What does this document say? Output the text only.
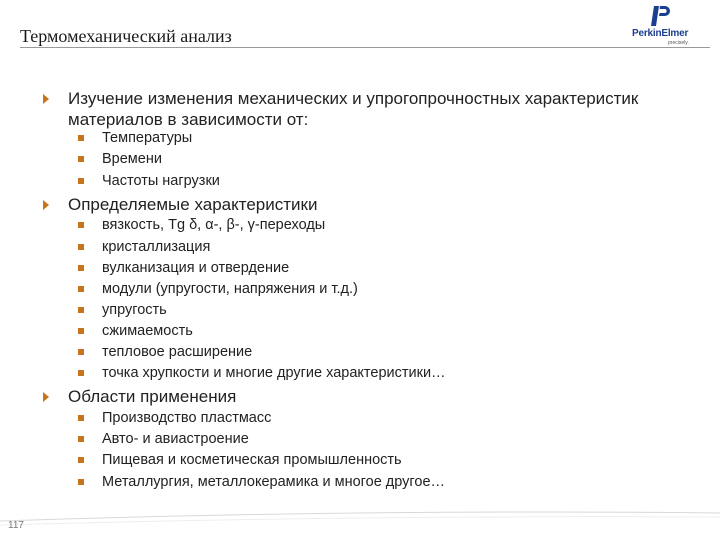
Термомеханический анализ	PerkinElmer
precisely.
Изучение изменения механических и упрогопрочностных характеристик материалов в зависимости от:
Температуры
Времени
Частоты нагрузки
Определяемые характеристики
вязкость, Tg δ, α-, β-, γ-переходы
кристаллизация
вулканизация и отвердение
модули (упругости, напряжения и т.д.)
упругость
сжимаемость
тепловое расширение
точка хрупкости и многие другие характеристики…
Области применения
Производство пластмасс
Авто- и авиастроение
Пищевая и косметическая промышленность
Металлургия, металлокерамика и многое другое…
117
